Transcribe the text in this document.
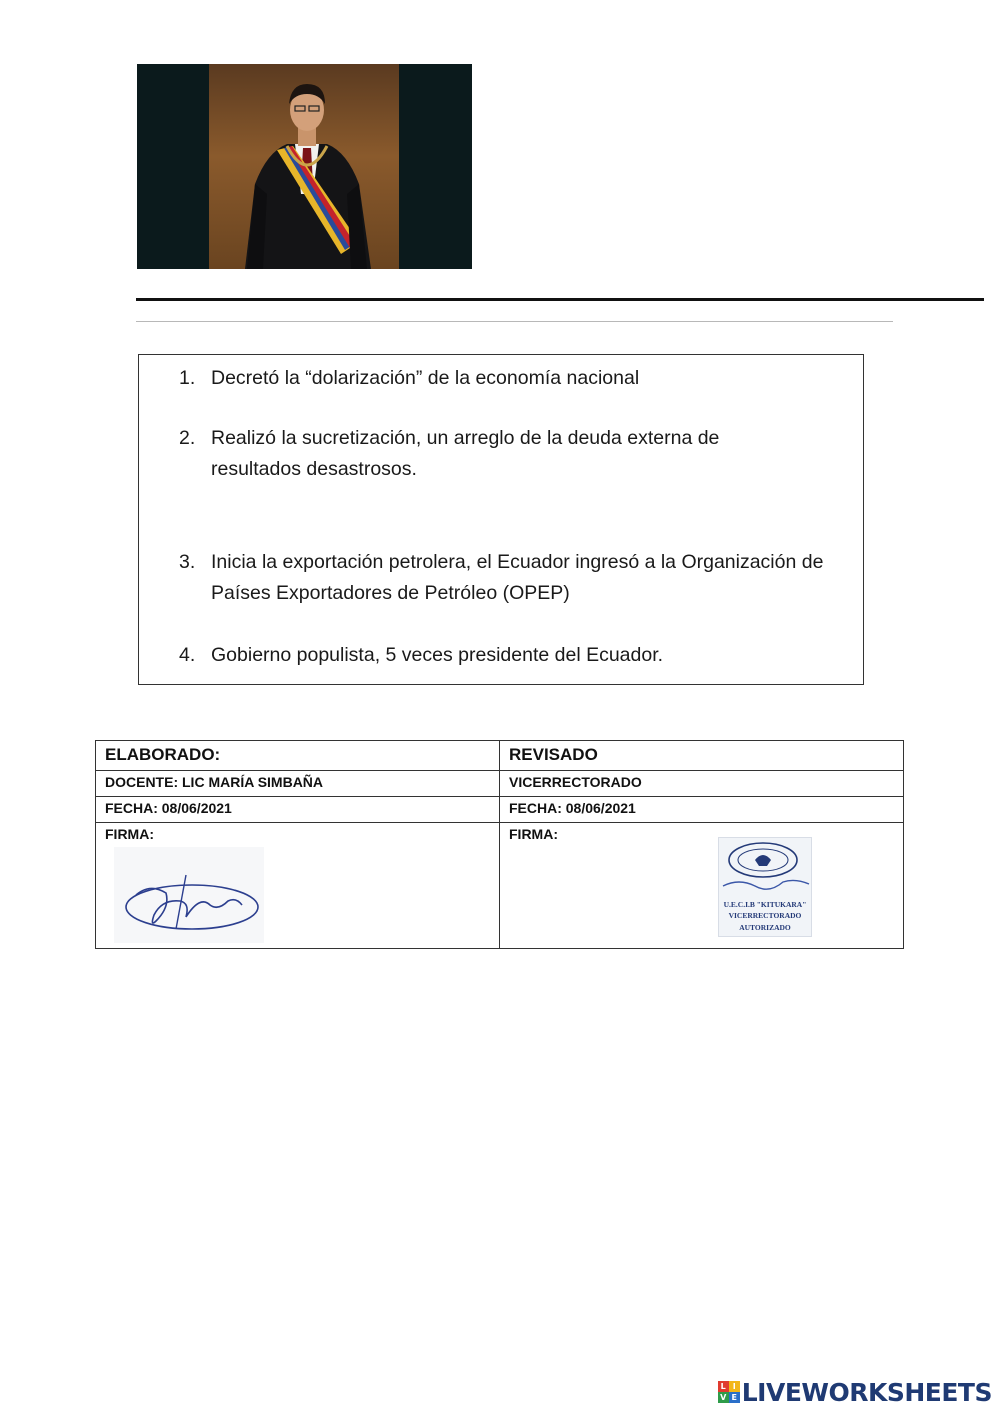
1. Decretó la “dolarización” de la economía nacional
2. Realizó la sucretización, un arreglo de la deuda externa de resultados desastrosos.
3. Inicia la exportación petrolera, el Ecuador ingresó a la Organización de Países Exportadores de Petróleo (OPEP)
4. Gobierno populista, 5 veces presidente del Ecuador.
ELABORADO:	REVISADO
DOCENTE: LIC MARÍA SIMBAÑA	VICERRECTORADO
FECHA: 08/06/2021	FECHA: 08/06/2021
FIRMA:	FIRMA:
U.E.C.I.B "KITUKARA"
VICERRECTORADO
AUTORIZADO
L I
V E LIVEWORKSHEETS
